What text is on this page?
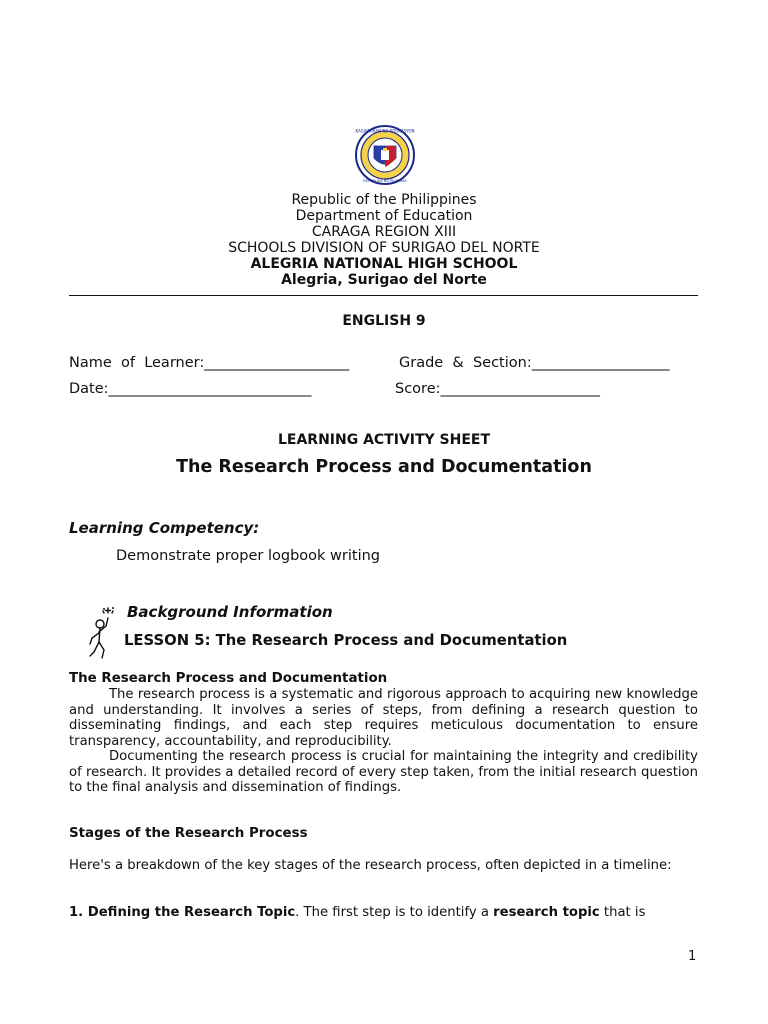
KAGAWARAN NG EDUKASYON
REPUBLIKA NG PILIPINAS
Republic of the Philippines
Department of Education
CARAGA REGION XIII
SCHOOLS DIVISION OF SURIGAO DEL NORTE
ALEGRIA NATIONAL HIGH SCHOOL
Alegria, Surigao del Norte
ENGLISH 9
Name  of  Learner:____________________	Grade  &  Section:___________________
Date:____________________________	Score:______________________
LEARNING ACTIVITY SHEET
The Research Process and Documentation
Learning Competency:
Demonstrate proper logbook writing
Background Information
LESSON 5: The Research Process and Documentation
The Research Process and Documentation
The research process is a systematic and rigorous approach to acquiring new knowledge and understanding. It involves a series of steps, from defining a research question to disseminating findings, and each step requires meticulous documentation to ensure transparency, accountability, and reproducibility.
Documenting the research process is crucial for maintaining the integrity and credibility of research. It provides a detailed record of every step taken, from the initial research question to the final analysis and dissemination of findings.
Stages of the Research Process
Here's a breakdown of the key stages of the research process, often depicted in a timeline:
1. Defining the Research Topic. The first step is to identify a research topic that is
1
